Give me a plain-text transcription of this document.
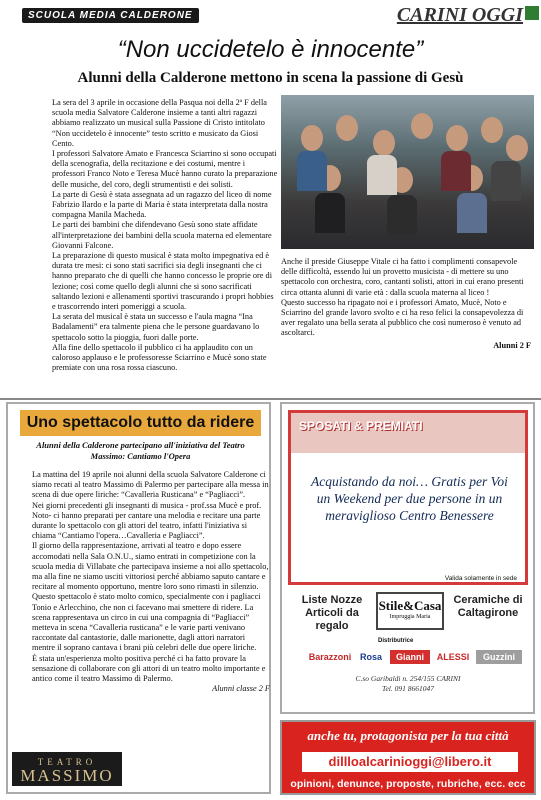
SCUOLA MEDIA CALDERONE	CARINI OGGI
“Non uccidetelo è innocente”
Alunni della Calderone mettono in scena la passione di Gesù

La sera del 3 aprile in occasione della Pasqua noi della 2ª F della scuola media Salvatore Calderone insieme a tanti altri ragazzi abbiamo realizzato un musical sulla Passione di Cristo intitolato “Non uccidetelo è innocente” testo scritto e musicato da Giosi Cento.

I professori Salvatore Amato e Francesca Sciarrino si sono occupati della scenografia, della recitazione e dei costumi, mentre i professori Franco Noto e Teresa Mucè hanno curato la preparazione delle musiche, del coro, degli strumentisti e dei solisti.

La parte di Gesù è stata assegnata ad un ragazzo del liceo di nome Fabrizio Ilardo e la parte di Maria è stata interpretata dalla nostra compagna Manila Macheda.

Le parti dei bambini che difendevano Gesù sono state affidate all'interpretazione dei bambini della scuola materna ed elementare Giovanni Falcone.

La preparazione di questo musical è stata molto impegnativa ed è durata tre mesi: ci sono stati sacrifici sia degli insegnanti che ci hanno preparato che di quelli che hanno concesso le proprie ore di lezione; così come quello degli alunni che si sono sacrificati saltando lezioni e allenamenti sportivi trascurando i propri hobbies e trascorrendo interi pomeriggi a scuola.

La serata del musical è stata un successo e l'aula magna “Ina Badalamenti” era talmente piena che le persone guardavano lo spettacolo sotto la pioggia, fuori dalle porte.

Alla fine dello spettacolo il pubblico ci ha applaudito con un caloroso applauso e le professoresse Sciarrino e Mucè sono state premiate con una rosa rossa ciascuno.

Anche il preside Giuseppe Vitale ci ha fatto i complimenti consapevole delle difficoltà, essendo lui un provetto musicista - di mettere su uno spettacolo con orchestra, coro, cantanti solisti, attori in cui erano presenti circa ottanta alunni di varie età : dalla scuola materna al liceo !

Questo successo ha ripagato noi e i professori Amato, Mucè, Noto e Sciarrino del grande lavoro svolto e ci ha reso felici la consapevolezza di aver regalato una bella serata al pubblico che così numeroso è venuto ad ascoltarci.

Alunni 2 F

Uno spettacolo tutto da ridere
Alunni della Calderone partecipano all'iniziativa del Teatro Massimo: Cantiamo l'Opera

La mattina del 19 aprile noi alunni della scuola Salvatore Calderone ci siamo recati al teatro Massimo di Palermo per partecipare alla messa in scena di due opere liriche: “Cavalleria Rusticana” e “Pagliacci”.

Nei giorni precedenti gli insegnanti di musica - prof.ssa Mucè e prof. Noto- ci hanno preparati per cantare una melodia e recitare una parte durante lo spettacolo con gli attori del teatro, infatti l'iniziativa si chiama “Cantiamo l'opera…Cavalleria e Pagliacci”.

Il giorno della rappresentazione, arrivati al teatro e dopo essere accomodati nella Sala O.N.U., siamo entrati in competizione con la scuola media di Villabate che partecipava insieme a noi allo spettacolo, ma alla fine ne siamo usciti vittoriosi perché abbiamo saputo cantare e recitare al momento opportuno, mentre loro sono rimasti in silenzio.

Questo spettacolo è stato molto comico, specialmente con i pagliacci Tonio e Arlecchino, che non ci facevano mai smettere di ridere. La scena rappresentava un circo in cui una compagnia di “Pagliacci” metteva in scena “Cavalleria rusticana” e le varie parti venivano raccontate dal cantastorie, dalle marionette, dagli attori narratori mentre il soprano cantava i brani più celebri delle due opere liriche.

È stata un'esperienza molto positiva perché ci ha fatto provare la sensazione di collaborare con gli attori di un teatro molto importante e antico come il teatro Massimo di Palermo.

Alunni classe 2 F

TEATRO
MASSIMO
SPOSATI & PREMIATI
Acquistando da noi… Gratis per Voi un Weekend per due persone in un meraviglioso Centro Benessere
Valida solamente in sede
Liste Nozze Articoli da regalo
Stile&Casa
Impruggia Maria
Ceramiche di Caltagirone
Distributrice
Barazzoni Rosa	Gianni	ALESSI	Guzzini
C.so Garibaldi n. 254/155 CARINI
Tel. 091 8661047
anche tu, protagonista per la tua città
dillloalcarinioggi@libero.it
opinioni, denunce, proposte, rubriche, ecc. ecc
